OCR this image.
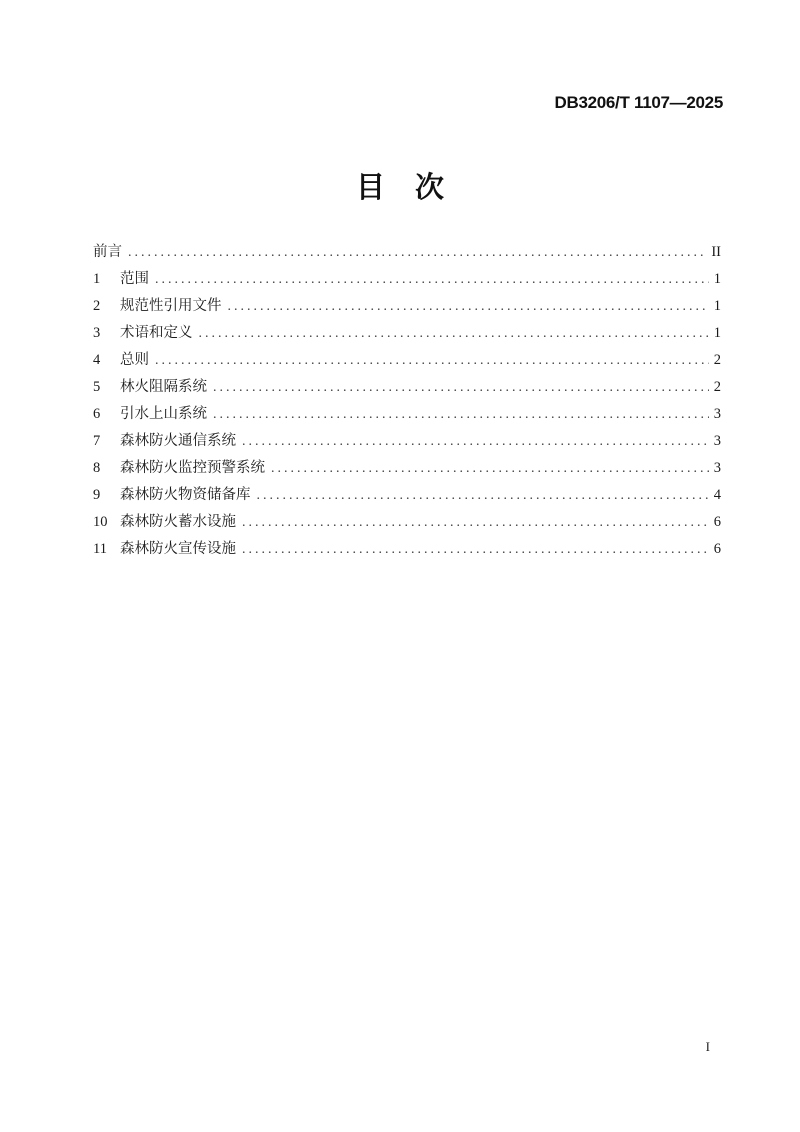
DB3206/T 1107—2025
目 次
前言 .....	II
1	范围 .....	1
2	规范性引用文件 .....	1
3	术语和定义 .....	1
4	总则 .....	2
5	林火阻隔系统 .....	2
6	引水上山系统 .....	3
7	森林防火通信系统 .....	3
8	森林防火监控预警系统 .....	3
9	森林防火物资储备库 .....	4
10 森林防火蓄水设施 .....	6
11 森林防火宣传设施 .....	6
I
